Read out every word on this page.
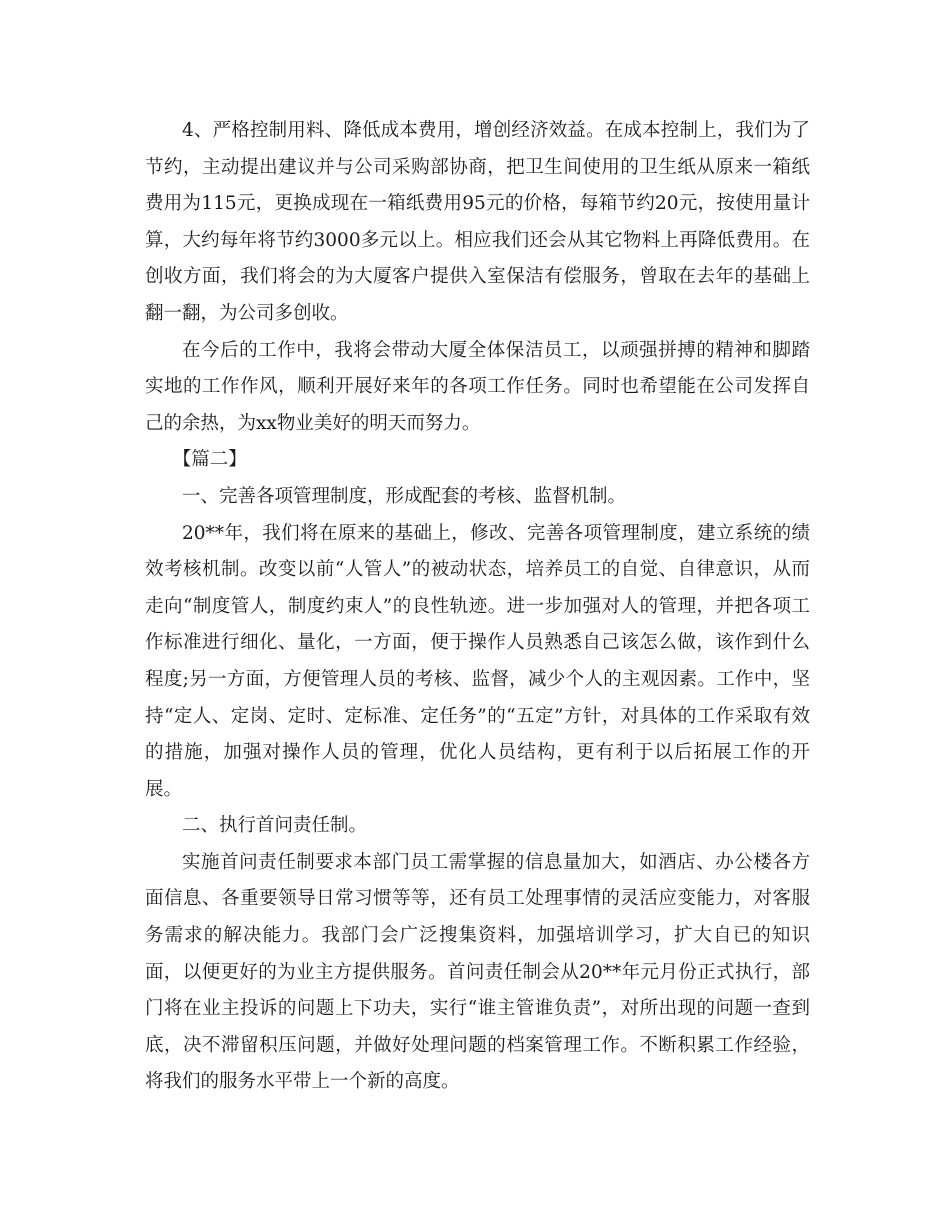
4、严格控制用料、降低成本费用，增创经济效益。在成本控制上，我们为了节约，主动提出建议并与公司采购部协商，把卫生间使用的卫生纸从原来一箱纸费用为115元，更换成现在一箱纸费用95元的价格，每箱节约20元，按使用量计算，大约每年将节约3000多元以上。相应我们还会从其它物料上再降低费用。在创收方面，我们将会的为大厦客户提供入室保洁有偿服务，曾取在去年的基础上翻一翻，为公司多创收。

在今后的工作中，我将会带动大厦全体保洁员工，以顽强拼搏的精神和脚踏实地的工作作风，顺利开展好来年的各项工作任务。同时也希望能在公司发挥自己的余热，为xx物业美好的明天而努力。

【篇二】

一、完善各项管理制度，形成配套的考核、监督机制。

20**年，我们将在原来的基础上，修改、完善各项管理制度，建立系统的绩效考核机制。改变以前“人管人”的被动状态，培养员工的自觉、自律意识，从而走向“制度管人，制度约束人”的良性轨迹。进一步加强对人的管理，并把各项工作标准进行细化、量化，一方面，便于操作人员熟悉自己该怎么做，该作到什么程度;另一方面，方便管理人员的考核、监督，减少个人的主观因素。工作中，坚持“定人、定岗、定时、定标准、定任务”的“五定”方针，对具体的工作采取有效的措施，加强对操作人员的管理，优化人员结构，更有利于以后拓展工作的开展。

二、执行首问责任制。

实施首问责任制要求本部门员工需掌握的信息量加大，如酒店、办公楼各方面信息、各重要领导日常习惯等等，还有员工处理事情的灵活应变能力，对客服务需求的解决能力。我部门会广泛搜集资料，加强培训学习，扩大自已的知识面，以便更好的为业主方提供服务。首问责任制会从20**年元月份正式执行，部门将在业主投诉的问题上下功夫，实行“谁主管谁负责”，对所出现的问题一查到底，决不滞留积压问题，并做好处理问题的档案管理工作。不断积累工作经验，将我们的服务水平带上一个新的高度。
